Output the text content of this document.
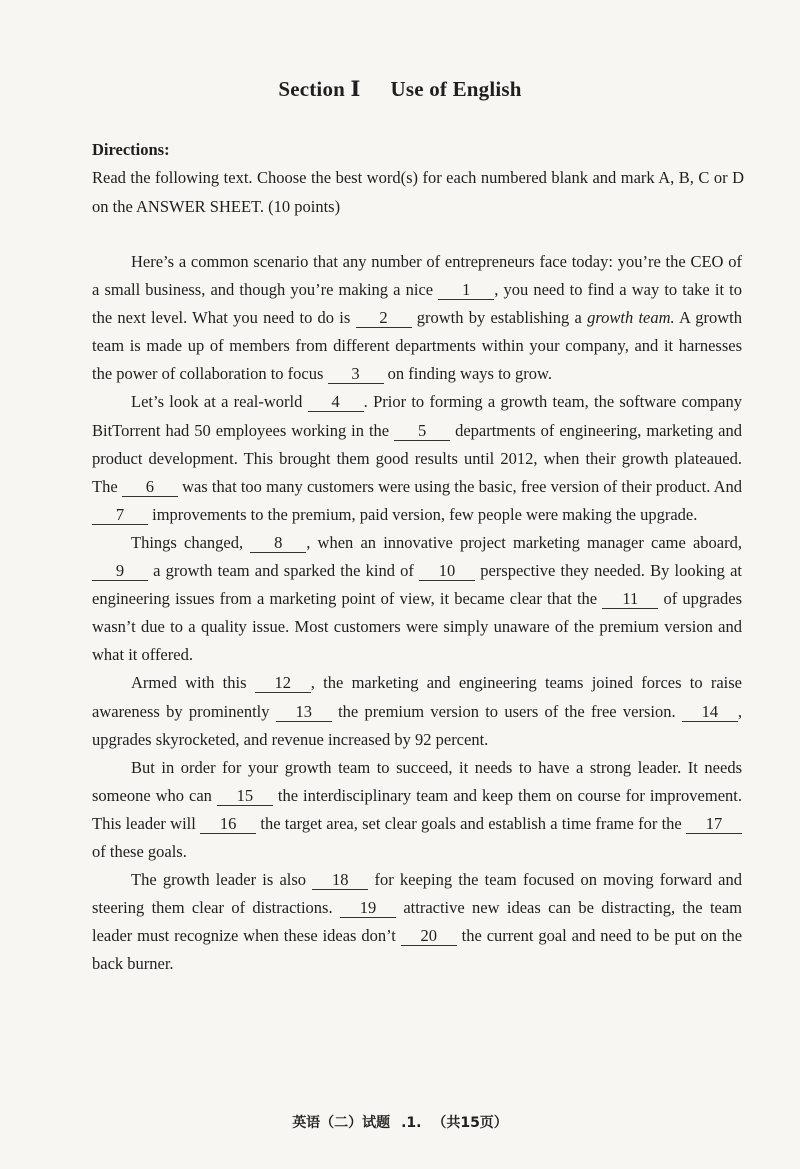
Section Ⅰ Use of English
Directions:
Read the following text. Choose the best word(s) for each numbered blank and mark A, B, C or D on the ANSWER SHEET. (10 points)

Here’s a common scenario that any number of entrepreneurs face today: you’re the CEO of a small business, and though you’re making a nice 1 , you need to find a way to take it to the next level. What you need to do is 2 growth by establishing a growth team. A growth team is made up of members from different departments within your company, and it harnesses the power of collaboration to focus 3 on finding ways to grow.

Let’s look at a real-world 4 . Prior to forming a growth team, the software company BitTorrent had 50 employees working in the 5 departments of engineering, marketing and product development. This brought them good results until 2012, when their growth plateaued. The 6 was that too many customers were using the basic, free version of their product. And 7 improvements to the premium, paid version, few people were making the upgrade.

Things changed, 8 , when an innovative project marketing manager came aboard, 9 a growth team and sparked the kind of 10 perspective they needed. By looking at engineering issues from a marketing point of view, it became clear that the 11 of upgrades wasn’t due to a quality issue. Most customers were simply unaware of the premium version and what it offered.

Armed with this 12 , the marketing and engineering teams joined forces to raise awareness by prominently 13 the premium version to users of the free version. 14 , upgrades skyrocketed, and revenue increased by 92 percent.

But in order for your growth team to succeed, it needs to have a strong leader. It needs someone who can 15 the interdisciplinary team and keep them on course for improvement. This leader will 16 the target area, set clear goals and establish a time frame for the 17 of these goals.

The growth leader is also 18 for keeping the team focused on moving forward and steering them clear of distractions. 19 attractive new ideas can be distracting, the team leader must recognize when these ideas don’t 20 the current goal and need to be put on the back burner.

英语（二）试题 .1. （共15页）
